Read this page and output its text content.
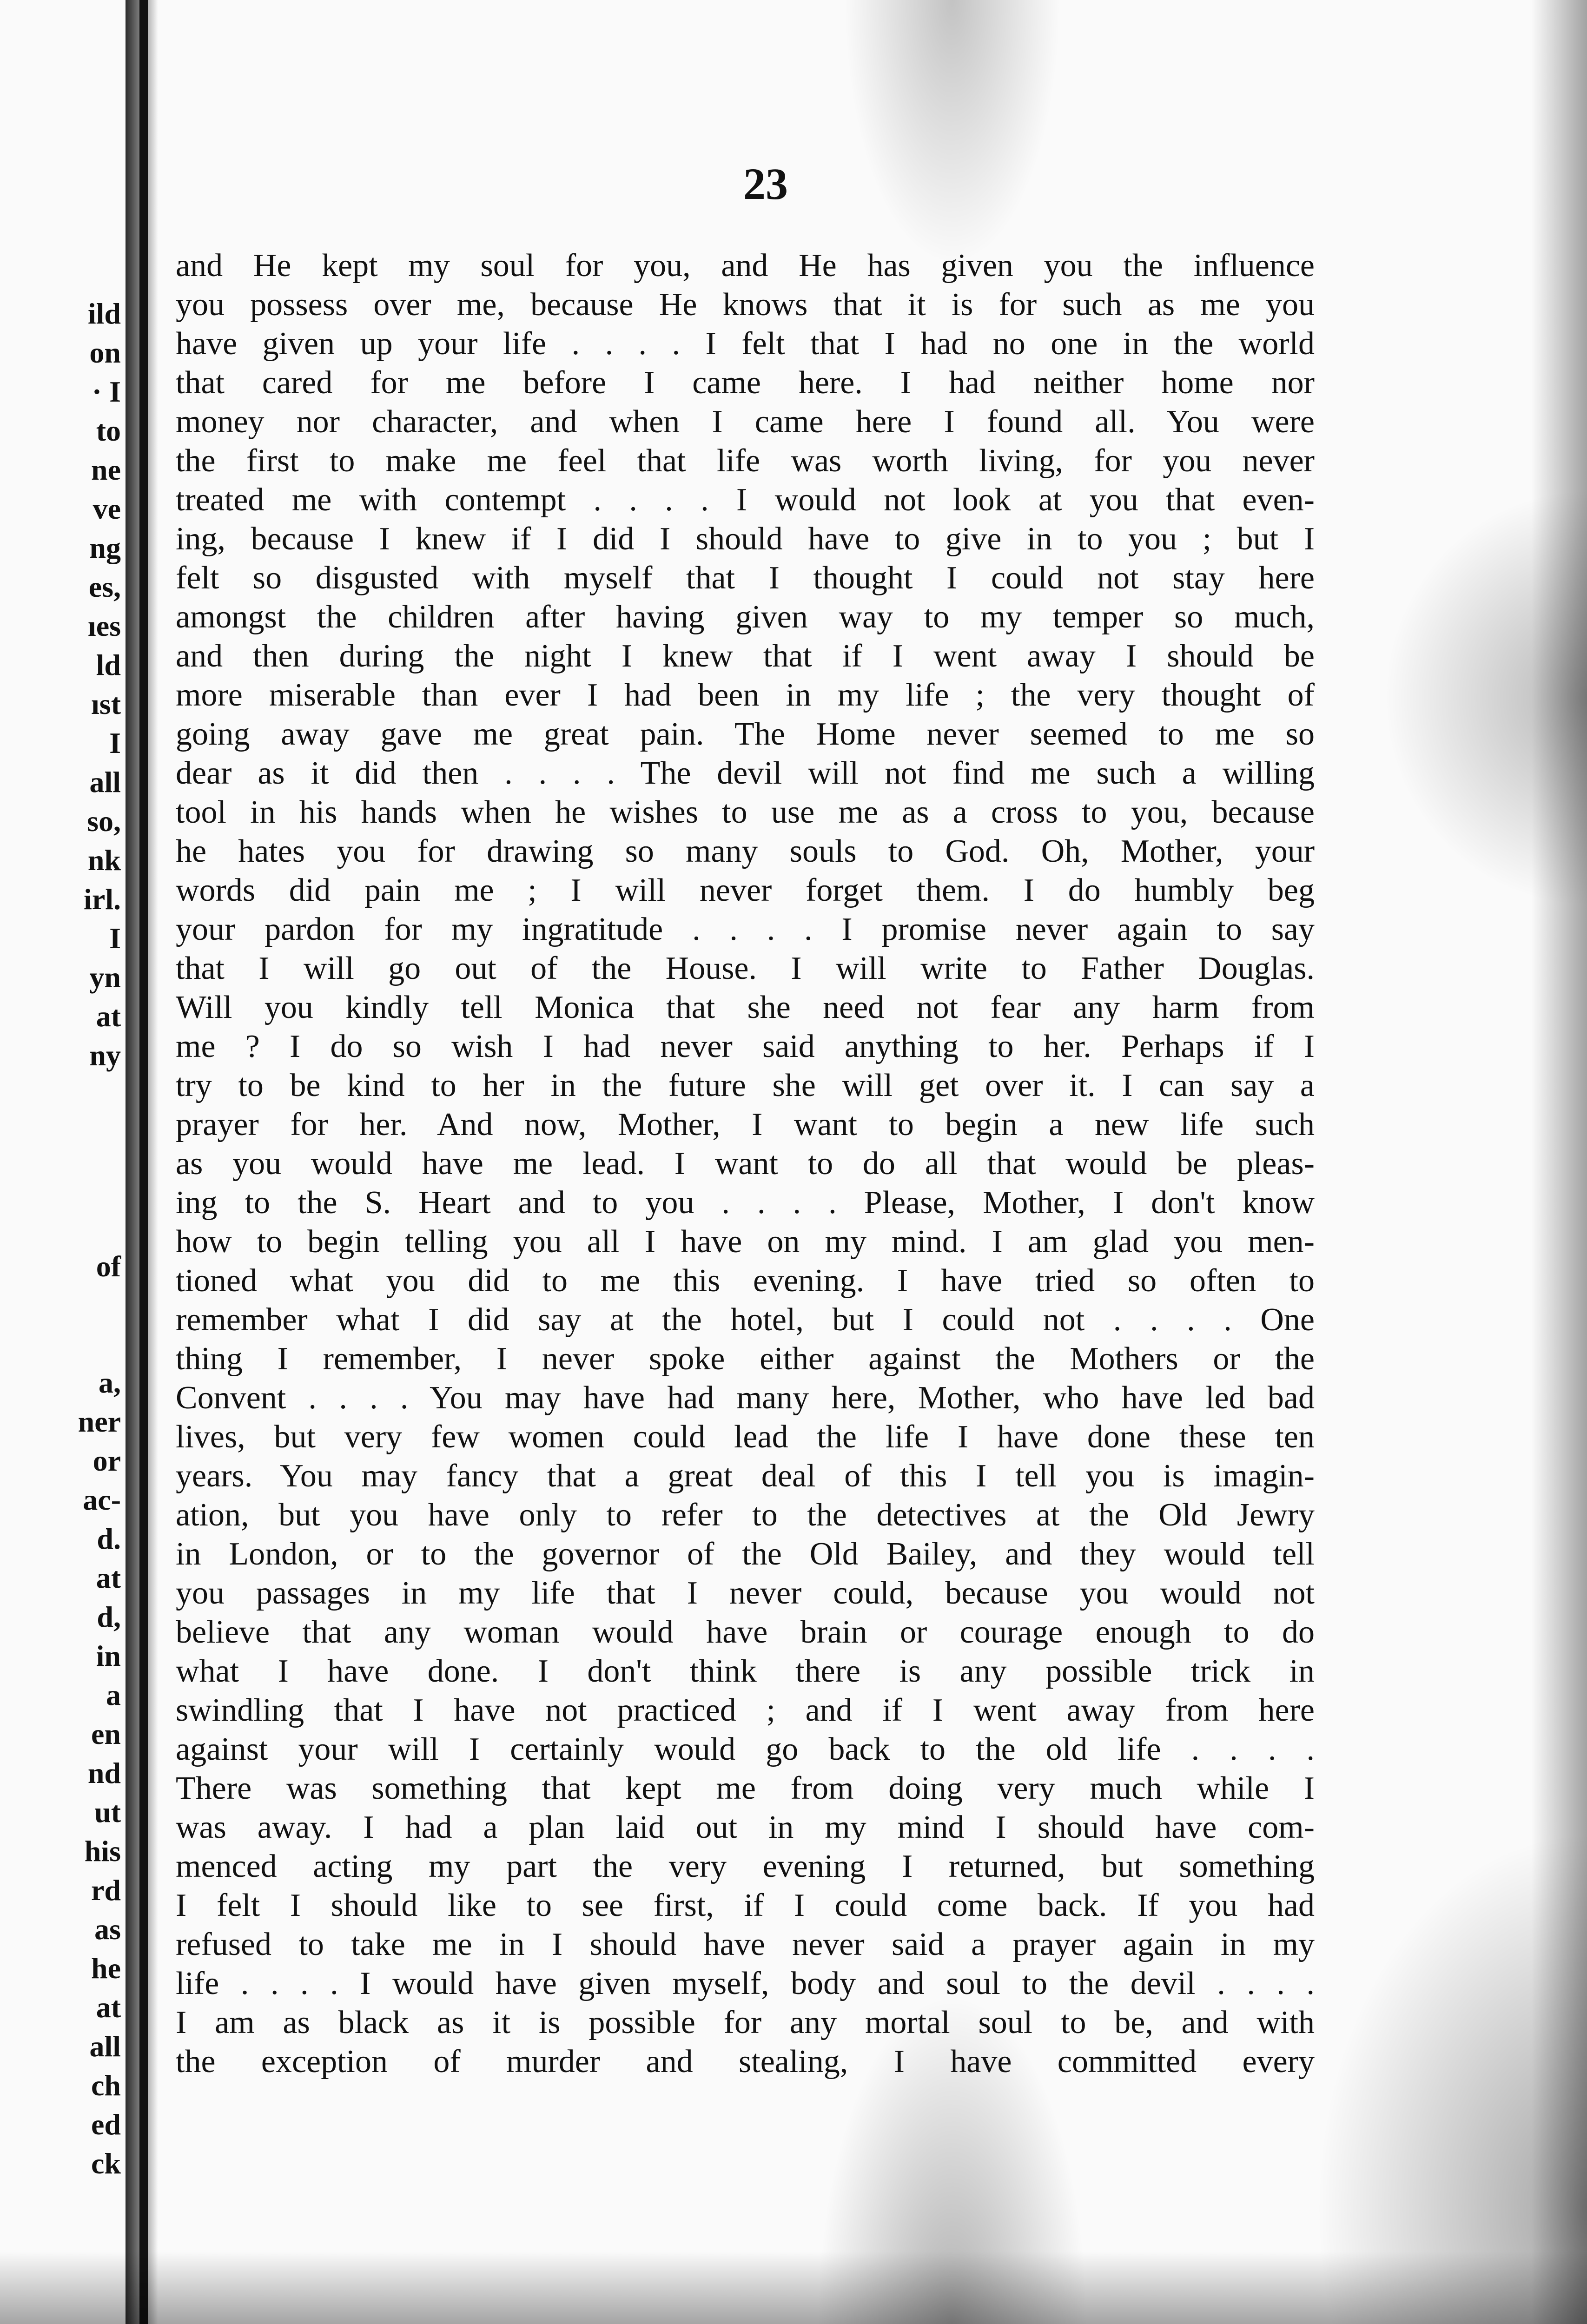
ild
on
· I
to
ne
ve
ng
es,
ıes
ld
ıst
I
all
so,
nk
irl.
I
yn
at
ny
of
a,
ner
or
ac-
d.
at
d,
in
a
en
nd
ut
his
rd
as
he
at
all
ch
ed
ck
23
and He kept my soul for you, and He has given you the influence
you possess over me, because He knows that it is for such as me you
have given up your life . . . . I felt that I had no one in the world
that cared for me before I came here. I had neither home nor
money nor character, and when I came here I found all. You were
the first to make me feel that life was worth living, for you never
treated me with contempt . . . . I would not look at you that even-
ing, because I knew if I did I should have to give in to you ; but I
felt so disgusted with myself that I thought I could not stay here
amongst the children after having given way to my temper so much,
and then during the night I knew that if I went away I should be
more miserable than ever I had been in my life ; the very thought of
going away gave me great pain. The Home never seemed to me so
dear as it did then . . . . The devil will not find me such a willing
tool in his hands when he wishes to use me as a cross to you, because
he hates you for drawing so many souls to God. Oh, Mother, your
words did pain me ; I will never forget them. I do humbly beg
your pardon for my ingratitude . . . . I promise never again to say
that I will go out of the House. I will write to Father Douglas.
Will you kindly tell Monica that she need not fear any harm from
me ? I do so wish I had never said anything to her. Perhaps if I
try to be kind to her in the future she will get over it. I can say a
prayer for her. And now, Mother, I want to begin a new life such
as you would have me lead. I want to do all that would be pleas-
ing to the S. Heart and to you . . . . Please, Mother, I don't know
how to begin telling you all I have on my mind. I am glad you men-
tioned what you did to me this evening. I have tried so often to
remember what I did say at the hotel, but I could not . . . . One
thing I remember, I never spoke either against the Mothers or the
Convent . . . . You may have had many here, Mother, who have led bad
lives, but very few women could lead the life I have done these ten
years. You may fancy that a great deal of this I tell you is imagin-
ation, but you have only to refer to the detectives at the Old Jewry
in London, or to the governor of the Old Bailey, and they would tell
you passages in my life that I never could, because you would not
believe that any woman would have brain or courage enough to do
what I have done. I don't think there is any possible trick in
swindling that I have not practiced ; and if I went away from here
against your will I certainly would go back to the old life . . . .
There was something that kept me from doing very much while I
was away. I had a plan laid out in my mind I should have com-
menced acting my part the very evening I returned, but something
I felt I should like to see first, if I could come back. If you had
refused to take me in I should have never said a prayer again in my
life . . . . I would have given myself, body and soul to the devil . . . .
I am as black as it is possible for any mortal soul to be, and with
the exception of murder and stealing, I have committed every
